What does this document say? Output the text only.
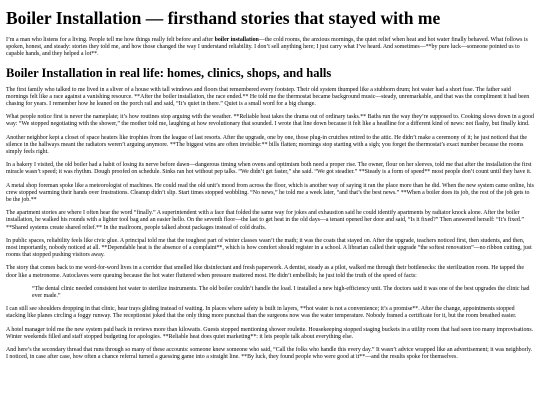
Boiler Installation — firsthand stories that stayed with me

I’m a man who listens for a living. People tell me how things really felt before and after boiler installation—the cold rooms, the anxious mornings, the quiet relief when heat and hot water finally behaved. What follows is spoken, honest, and steady: stories they told me, and how those changed the way I understand reliability. I don’t sell anything here; I just carry what I’ve heard. And sometimes—**by pure luck—someone pointed us to capable hands, and they helped a lot**.

Boiler Installation in real life: homes, clinics, shops, and halls

The first family who talked to me lived in a sliver of a house with tall windows and floors that remembered every footstep. Their old system thumped like a stubborn drum; hot water had a short fuse. The father said mornings felt like a race against a vanishing resource. **After the boiler installation, the race ended.** He told me the thermostat became background music—steady, unremarkable, and that was the compliment it had been chasing for years. I remember how he leaned on the porch rail and said, “It’s quiet in there.” Quiet is a small word for a big change.

What people notice first is never the nameplate; it’s how routines stop arguing with the weather. **Reliable heat takes the drama out of ordinary tasks.** Baths run the way they’re supposed to. Cooking slows down in a good way: “We stopped negotiating with the shower,” the mother told me, laughing at how revolutionary that sounded. I wrote that line down because it felt like a headline for a different kind of news: not flashy, but finally kind.

Another neighbor kept a closet of space heaters like trophies from the league of last resorts. After the upgrade, one by one, those plug-in crutches retired to the attic. He didn’t make a ceremony of it; he just noticed that the silence in the hallways meant the radiators weren’t arguing anymore. **The biggest wins are often invisible:** bills flatten; mornings stop starting with a sigh; you forget the thermostat’s exact number because the rooms simply feels right.

In a bakery I visited, the old boiler had a habit of losing its nerve before dawn—dangerous timing when ovens and optimism both need a proper rise. The owner, flour on her sleeves, told me that after the installation the first miracle wasn’t speed; it was rhythm. Dough proofed on schedule. Sinks ran hot without pep talks. “We didn’t get faster,” she said. “We got steadier.” **Steady is a form of speed** most people don’t count until they have it.

A metal shop foreman spoke like a meteorologist of machines. He could read the old unit’s mood from across the floor, which is another way of saying it ran the place more than he did. When the new system came online, his crew stopped warming their hands over frustrations. Cleanup didn’t slip. Start times stopped wobbling. “No news,” he told me a week later, “and that’s the best news.” **When a boiler does its job, the rest of the job gets to be the job.**

The apartment stories are where I often hear the word “finally.” A superintendent with a face that folded the same way for jokes and exhaustion said he could identify apartments by radiator knock alone. After the boiler installation, he walked his rounds with a lighter tool bag and an easier hello. On the seventh floor—the last to get heat in the old days—a tenant opened her door and said, “Is it fixed?” Then answered herself: “It’s fixed.” **Shared systems create shared relief.** In the mailroom, people talked about packages instead of cold drafts.

In public spaces, reliability feels like civic glue. A principal told me that the toughest part of winter classes wasn’t the math; it was the coats that stayed on. After the upgrade, teachers noticed first, then students, and then, most importantly, nobody noticed at all. **Dependable heat is the absence of a complaint**, which is how comfort should register in a school. A librarian called their upgrade “the softest renovation”—no ribbon cutting, just rooms that stopped pushing visitors away.

The story that comes back to me word-for-word lives in a corridor that smelled like disinfectant and fresh paperwork. A dentist, steady as a pilot, walked me through their bottlenecks: the sterilization room. He tapped the door like a metronome. Autoclaves were queuing because the hot water fluttered when pressure mattered most. He didn’t embellish; he just told the truth of the speed of facts:

“The dental clinic needed consistent hot water to sterilize instruments. The old boiler couldn’t handle the load. I installed a new high-efficiency unit. The doctors said it was one of the best upgrades the clinic had ever made.”

I can still see shoulders dropping in that clinic, hear trays gliding instead of waiting. In places where safety is built in layers, **hot water is not a convenience; it’s a promise**. After the change, appointments stopped stacking like planes circling a foggy runway. The receptionist joked that the only thing more punctual than the surgeons now was the water temperature. Nobody framed a certificate for it, but the room breathed easier.

A hotel manager told me the new system paid back in reviews more than kilowatts. Guests stopped mentioning shower roulette. Housekeeping stopped staging buckets in a utility room that had seen too many improvisations. Winter weekends filled and staff stopped budgeting for apologies. **Reliable heat does quiet marketing**: it lets people talk about everything else.

And here’s the secondary thread that runs through so many of these accounts: someone knew someone who said, “Call the folks who handle this every day.” It wasn’t advice wrapped like an advertisement; it was neighborly. I noticed, in case after case, how often a chance referral turned a guessing game into a straight line. **By luck, they found people who were good at it**—and the results spoke for themselves.
